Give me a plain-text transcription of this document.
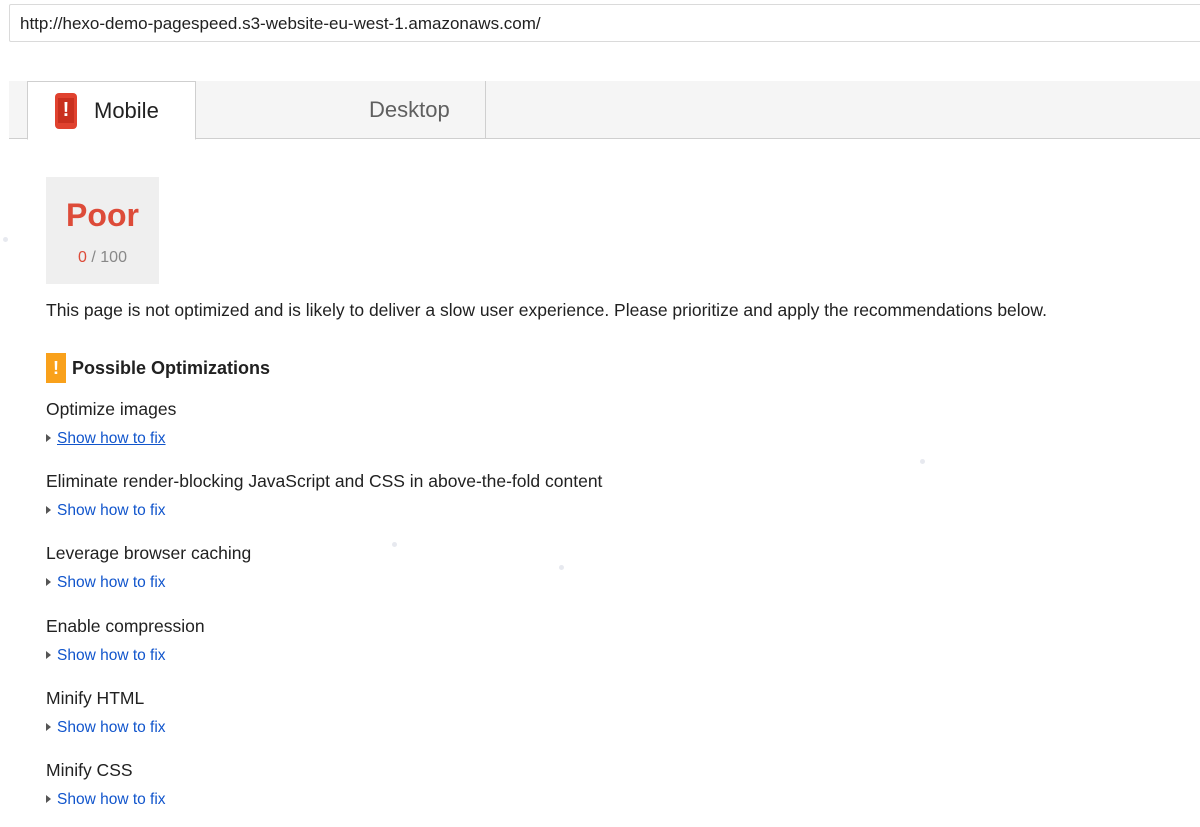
http://hexo-demo-pagespeed.s3-website-eu-west-1.amazonaws.com/
!	Mobile	Desktop
Poor
0 / 100
This page is not optimized and is likely to deliver a slow user experience. Please prioritize and apply the recommendations below.
! Possible Optimizations
Optimize images
Show how to fix
Eliminate render-blocking JavaScript and CSS in above-the-fold content
Show how to fix
Leverage browser caching
Show how to fix
Enable compression
Show how to fix
Minify HTML
Show how to fix
Minify CSS
Show how to fix
